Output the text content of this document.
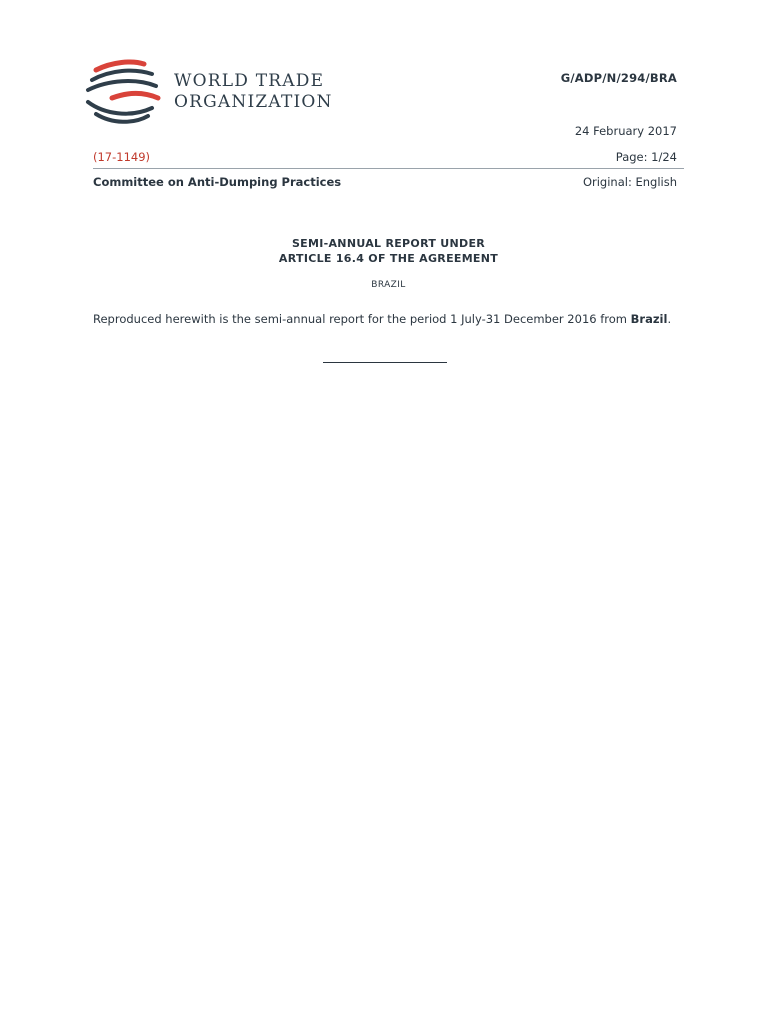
WORLD TRADE
ORGANIZATION
G/ADP/N/294/BRA
24 February 2017
(17-1149)	Page: 1/24
Committee on Anti-Dumping Practices	Original: English
SEMI-ANNUAL REPORT UNDER
ARTICLE 16.4 OF THE AGREEMENT
BRAZIL
Reproduced herewith is the semi-annual report for the period 1 July-31 December 2016 from Brazil.
